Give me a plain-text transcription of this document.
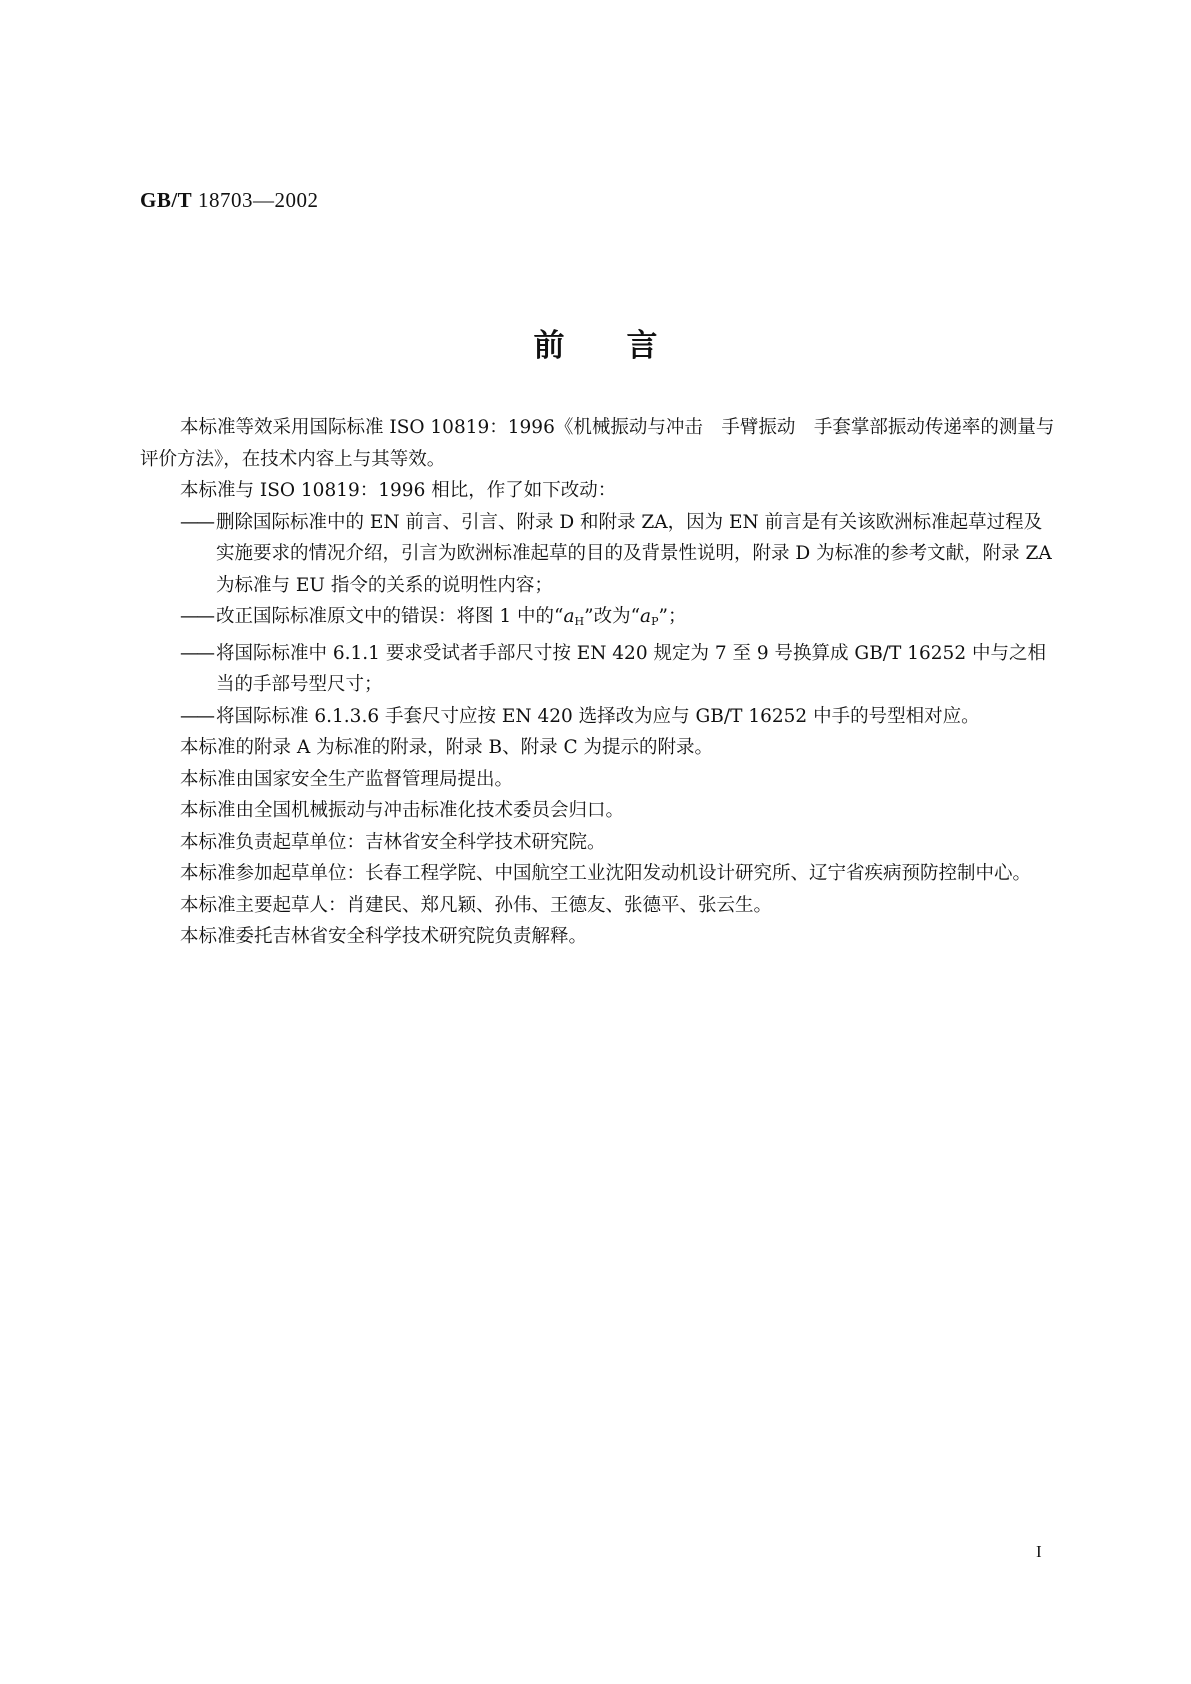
GB/T 18703—2002
前言

本标准等效采用国际标准 ISO 10819：1996《机械振动与冲击　手臂振动　手套掌部振动传递率的测量与评价方法》，在技术内容上与其等效。

本标准与 ISO 10819：1996 相比，作了如下改动：

—— 删除国际标准中的 EN 前言、引言、附录 D 和附录 ZA，因为 EN 前言是有关该欧洲标准起草过程及实施要求的情况介绍，引言为欧洲标准起草的目的及背景性说明，附录 D 为标准的参考文献，附录 ZA 为标准与 EU 指令的关系的说明性内容；

—— 改正国际标准原文中的错误：将图 1 中的“$a_H$”改为“$a_P$”；

—— 将国际标准中 6.1.1 要求受试者手部尺寸按 EN 420 规定为 7 至 9 号换算成 GB/T 16252 中与之相当的手部号型尺寸；

—— 将国际标准 6.1.3.6 手套尺寸应按 EN 420 选择改为应与 GB/T 16252 中手的号型相对应。

本标准的附录 A 为标准的附录，附录 B、附录 C 为提示的附录。

本标准由国家安全生产监督管理局提出。

本标准由全国机械振动与冲击标准化技术委员会归口。

本标准负责起草单位：吉林省安全科学技术研究院。

本标准参加起草单位：长春工程学院、中国航空工业沈阳发动机设计研究所、辽宁省疾病预防控制中心。

本标准主要起草人：肖建民、郑凡颖、孙伟、王德友、张德平、张云生。

本标准委托吉林省安全科学技术研究院负责解释。

I
